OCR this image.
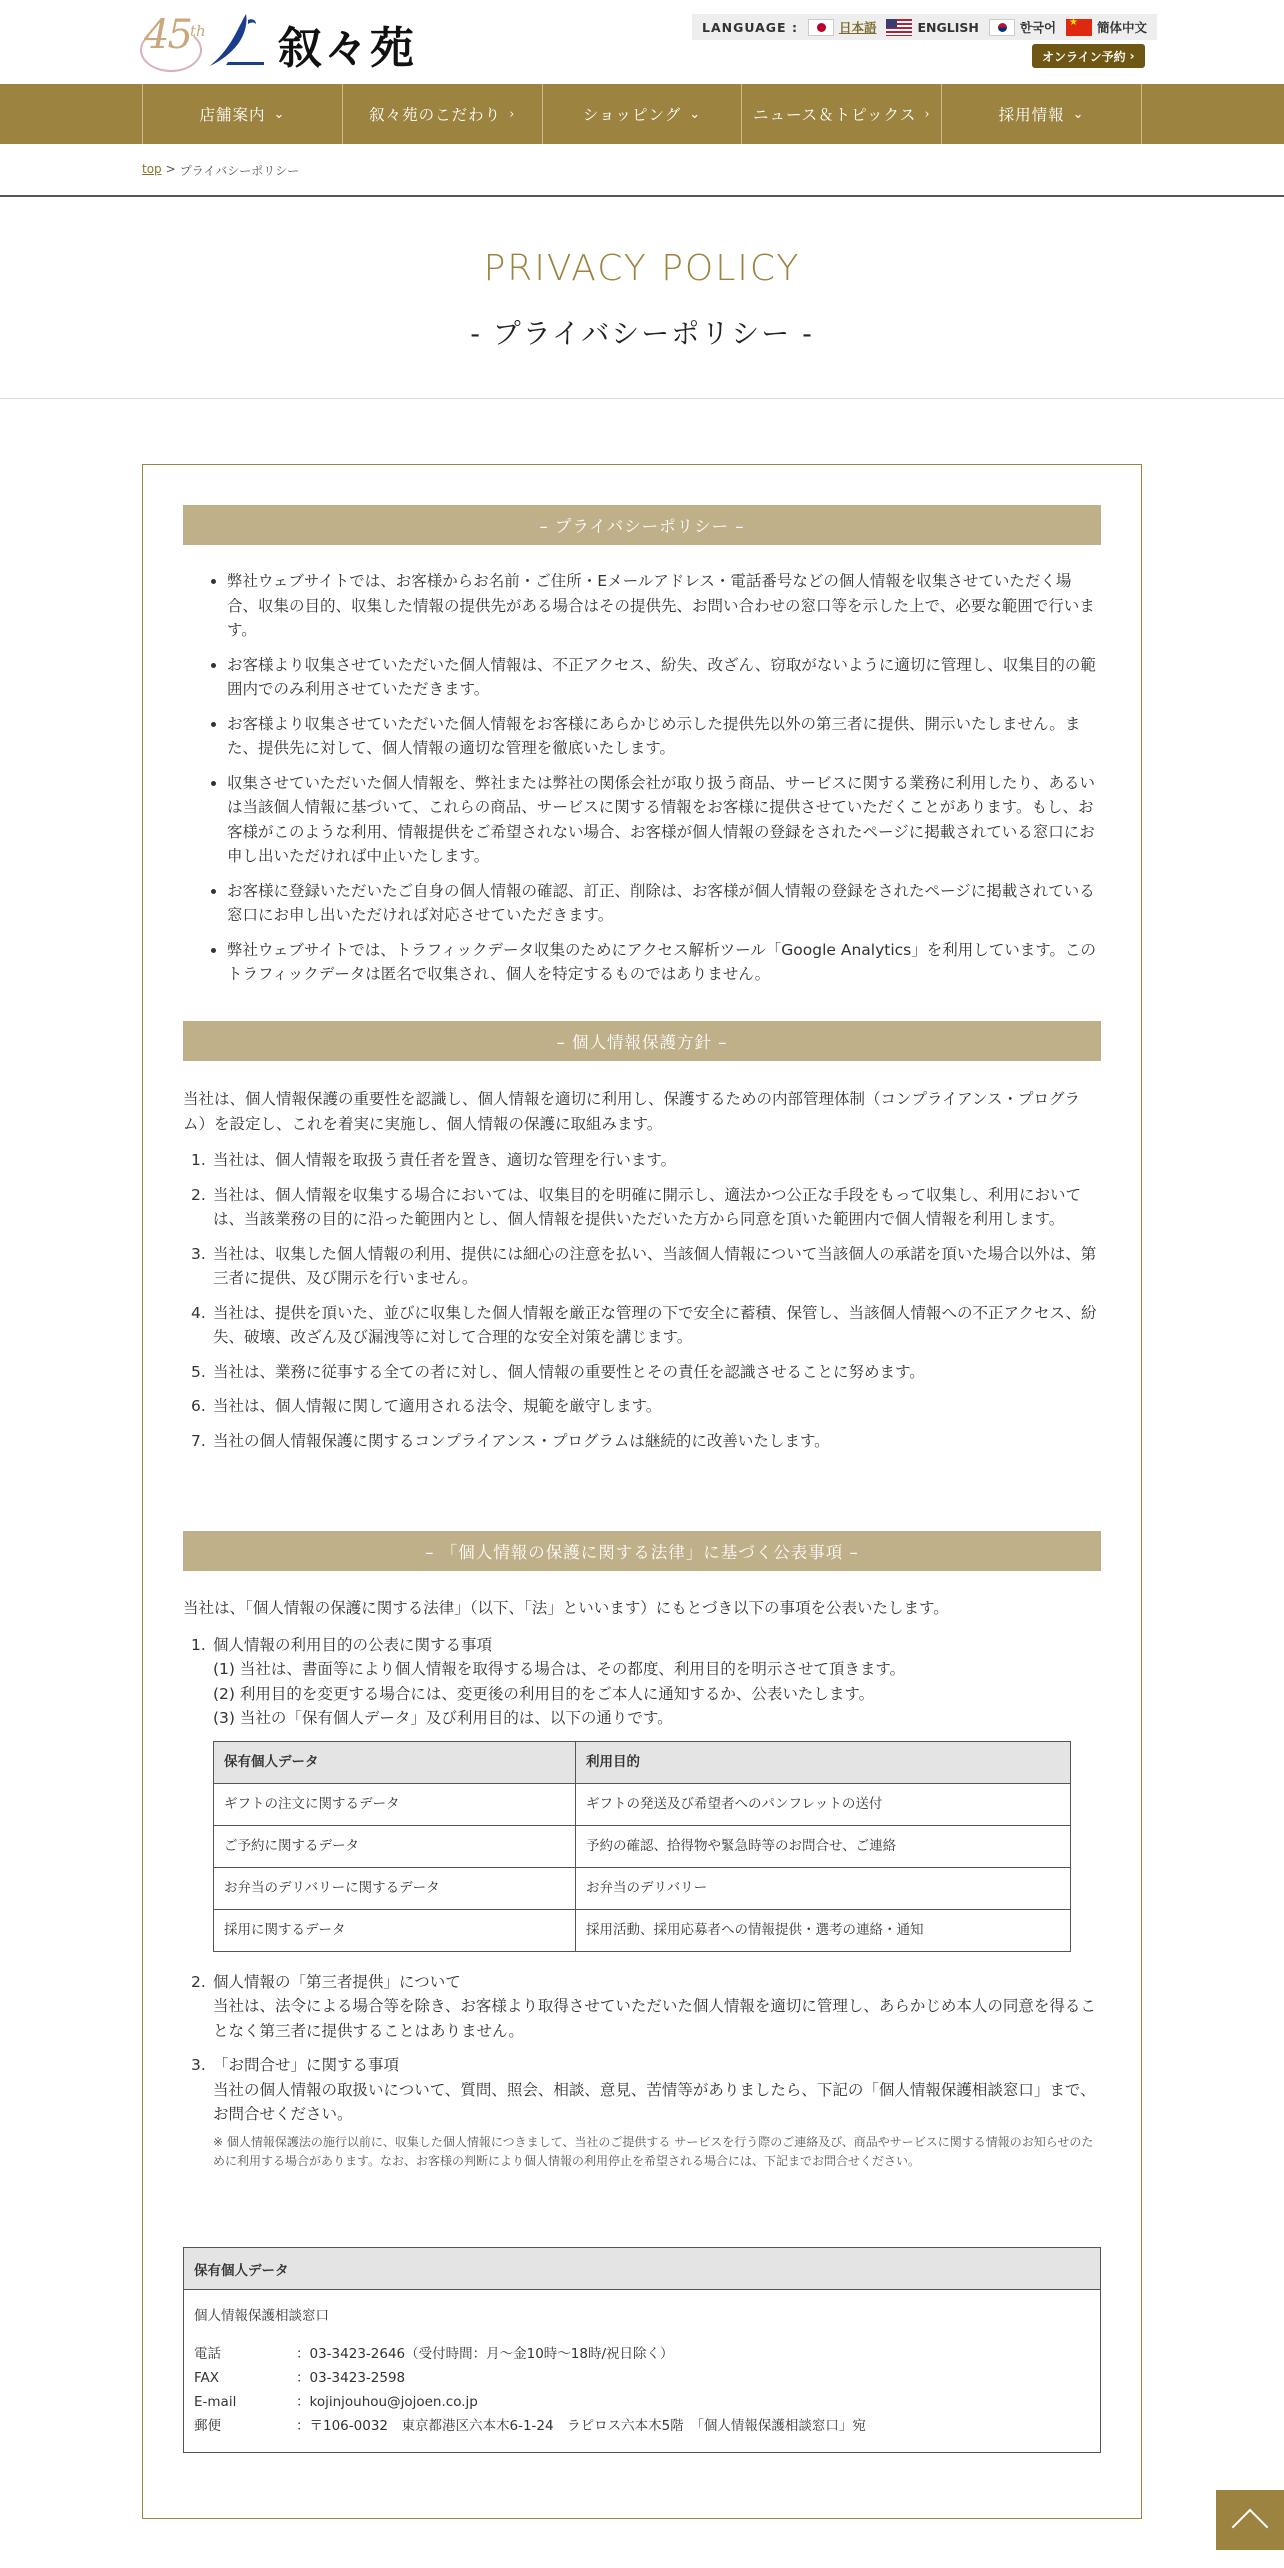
45 th 叙々苑	LANGUAGE :	日本語	ENGLISH	한국어 ★	簡体中文
オンライン予約 ›
店舗案内 ⌄	叙々苑のこだわり ›	ショッピング ⌄	ニュース＆トピックス ›	採用情報 ⌄
top > プライバシーポリシー
PRIVACY POLICY
- プライバシーポリシー -
– プライバシーポリシー –
弊社ウェブサイトでは、お客様からお名前・ご住所・Eメールアドレス・電話番号などの個人情報を収集させていただく場合、収集の目的、収集した情報の提供先がある場合はその提供先、お問い合わせの窓口等を示した上で、必要な範囲で行います。
お客様より収集させていただいた個人情報は、不正アクセス、紛失、改ざん、窃取がないように適切に管理し、収集目的の範囲内でのみ利用させていただきます。
お客様より収集させていただいた個人情報をお客様にあらかじめ示した提供先以外の第三者に提供、開示いたしません。また、提供先に対して、個人情報の適切な管理を徹底いたします。
収集させていただいた個人情報を、弊社または弊社の関係会社が取り扱う商品、サービスに関する業務に利用したり、あるいは当該個人情報に基づいて、これらの商品、サービスに関する情報をお客様に提供させていただくことがあります。もし、お客様がこのような利用、情報提供をご希望されない場合、お客様が個人情報の登録をされたページに掲載されている窓口にお申し出いただければ中止いたします。
お客様に登録いただいたご自身の個人情報の確認、訂正、削除は、お客様が個人情報の登録をされたページに掲載されている窓口にお申し出いただければ対応させていただきます。
弊社ウェブサイトでは、トラフィックデータ収集のためにアクセス解析ツール「Google Analytics」を利用しています。このトラフィックデータは匿名で収集され、個人を特定するものではありません。
– 個人情報保護方針 –

当社は、個人情報保護の重要性を認識し、個人情報を適切に利用し、保護するための内部管理体制（コンプライアンス・プログラム）を設定し、これを着実に実施し、個人情報の保護に取組みます。

1. 当社は、個人情報を取扱う責任者を置き、適切な管理を行います。
2. 当社は、個人情報を収集する場合においては、収集目的を明確に開示し、適法かつ公正な手段をもって収集し、利用においては、当該業務の目的に沿った範囲内とし、個人情報を提供いただいた方から同意を頂いた範囲内で個人情報を利用します。
3. 当社は、収集した個人情報の利用、提供には細心の注意を払い、当該個人情報について当該個人の承諾を頂いた場合以外は、第三者に提供、及び開示を行いません。
4. 当社は、提供を頂いた、並びに収集した個人情報を厳正な管理の下で安全に蓄積、保管し、当該個人情報への不正アクセス、紛失、破壊、改ざん及び漏洩等に対して合理的な安全対策を講じます。
5. 当社は、業務に従事する全ての者に対し、個人情報の重要性とその責任を認識させることに努めます。
6. 当社は、個人情報に関して適用される法令、規範を厳守します。
7. 当社の個人情報保護に関するコンプライアンス・プログラムは継続的に改善いたします。
– 「個人情報の保護に関する法律」に基づく公表事項 –

当社は、「個人情報の保護に関する法律」（以下、「法」といいます）にもとづき以下の事項を公表いたします。

1. 個人情報の利用目的の公表に関する事項
(1) 当社は、書面等により個人情報を取得する場合は、その都度、利用目的を明示させて頂きます。
(2) 利用目的を変更する場合には、変更後の利用目的をご本人に通知するか、公表いたします。
(3) 当社の「保有個人データ」及び利用目的は、以下の通りです。
保有個人データ	利用目的
ギフトの注文に関するデータ	ギフトの発送及び希望者へのパンフレットの送付
ご予約に関するデータ	予約の確認、拾得物や緊急時等のお問合せ、ご連絡
お弁当のデリバリーに関するデータ	お弁当のデリバリー
採用に関するデータ	採用活動、採用応募者への情報提供・選考の連絡・通知
2. 個人情報の「第三者提供」について
当社は、法令による場合等を除き、お客様より取得させていただいた個人情報を適切に管理し、あらかじめ本人の同意を得ることなく第三者に提供することはありません。
3. 「お問合せ」に関する事項
当社の個人情報の取扱いについて、質問、照会、相談、意見、苦情等がありましたら、下記の「個人情報保護相談窓口」まで、お問合せください。

※ 個人情報保護法の施行以前に、収集した個人情報につきまして、当社のご提供する サービスを行う際のご連絡及び、商品やサービスに関する情報のお知らせのために利用する場合があります。なお、お客様の判断により個人情報の利用停止を希望される場合には、下記までお問合せください。

保有個人データ
個人情報保護相談窓口
電話	：03-3423-2646（受付時間：月～金10時～18時/祝日除く）
FAX	：03-3423-2598
E-mail	：kojinjouhou@jojoen.co.jp
郵便	：〒106-0032　東京都港区六本木6-1-24　ラピロス六本木5階　「個人情報保護相談窓口」宛
